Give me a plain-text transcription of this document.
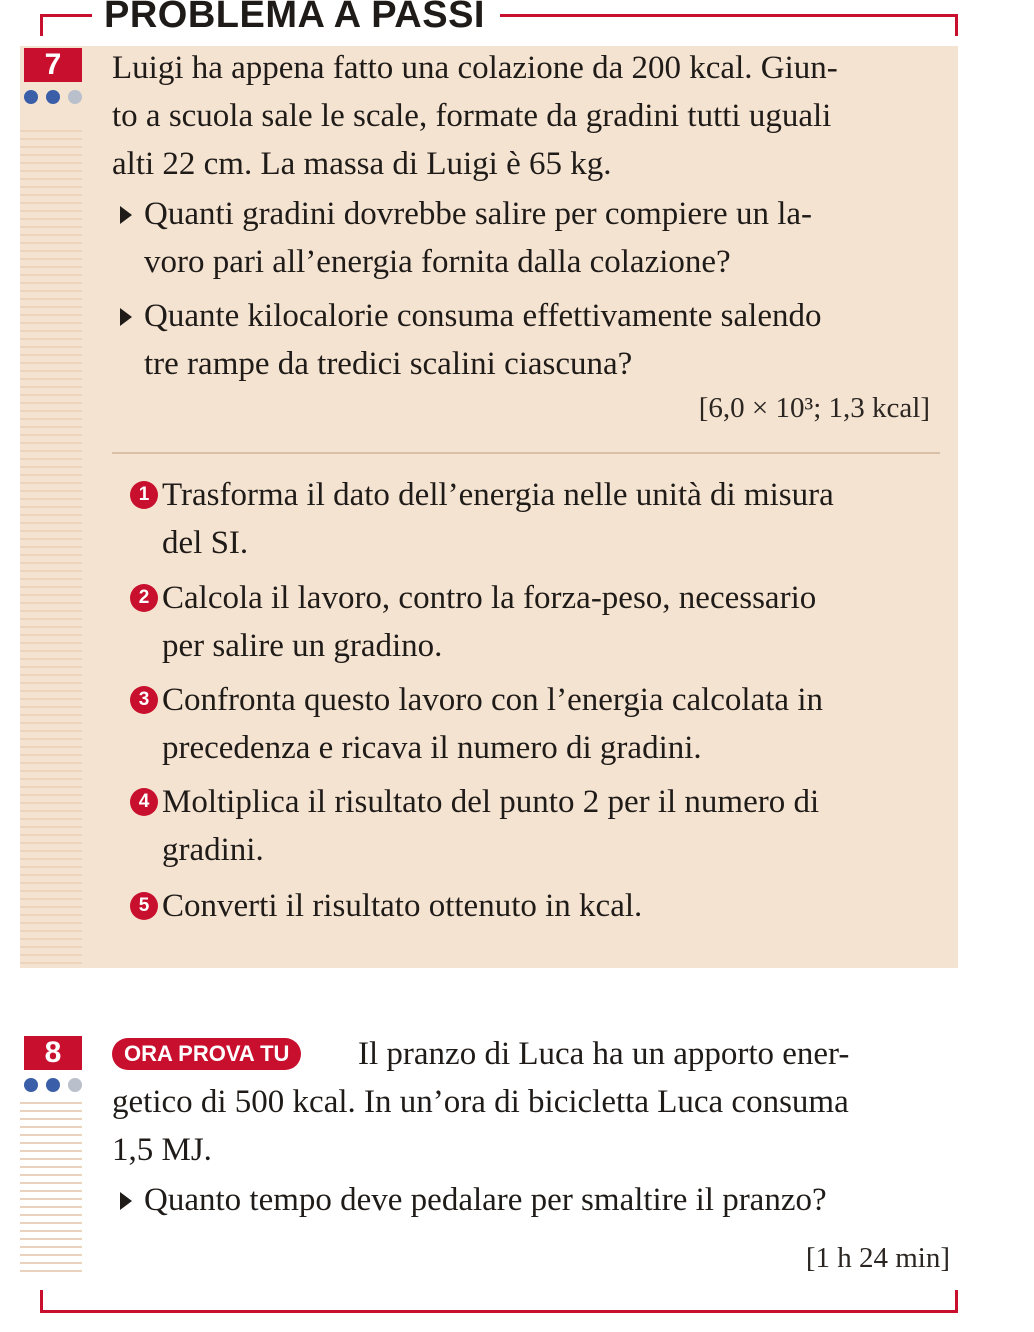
PROBLEMA A PASSI
7	Luigi ha appena fatto una colazione da 200 kcal. Giun-
to a scuola sale le scale, formate da gradini tutti uguali
alti 22 cm. La massa di Luigi è 65 kg.
Quanti gradini dovrebbe salire per compiere un la-
voro pari all’energia fornita dalla colazione?
Quante kilocalorie consuma effettivamente salendo
tre rampe da tredici scalini ciascuna?
[6,0 × 10³; 1,3 kcal]
1 Trasforma il dato dell’energia nelle unità di misura
del SI.
2 Calcola il lavoro, contro la forza-peso, necessario
per salire un gradino.
3 Confronta questo lavoro con l’energia calcolata in
precedenza e ricava il numero di gradini.
4 Moltiplica il risultato del punto 2 per il numero di
gradini.
5 Converti il risultato ottenuto in kcal.
8	ORA PROVA TU	Il pranzo di Luca ha un apporto ener-
getico di 500 kcal. In un’ora di bicicletta Luca consuma
1,5 MJ.
Quanto tempo deve pedalare per smaltire il pranzo?
[1 h 24 min]
